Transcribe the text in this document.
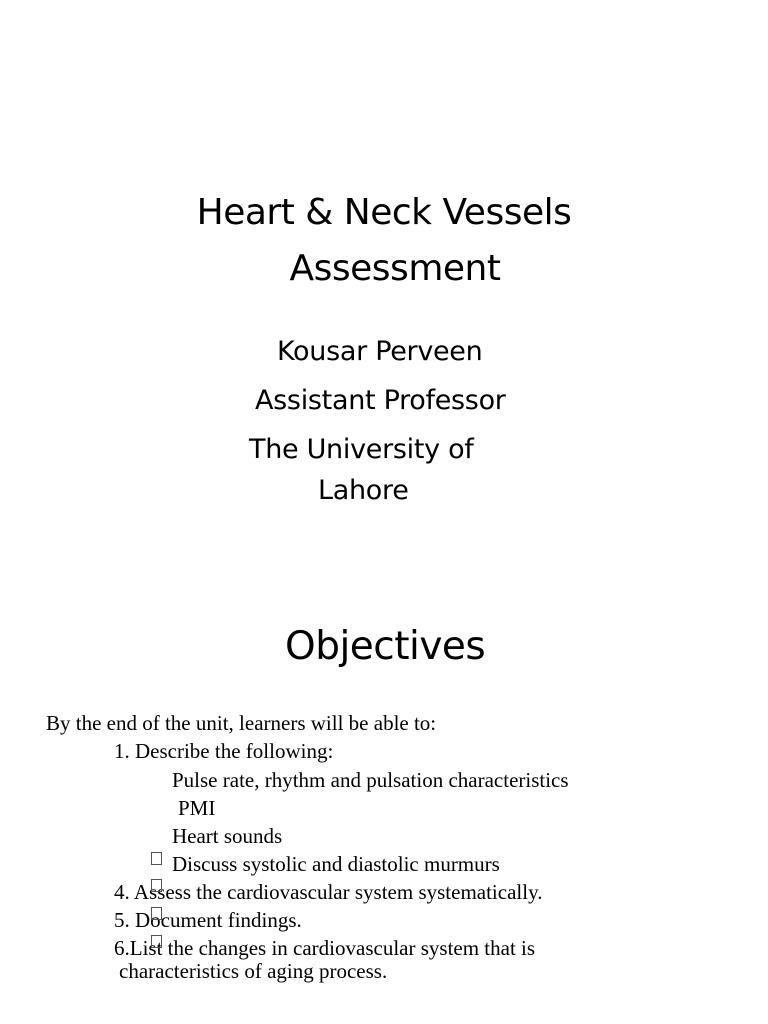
Heart & Neck Vessels
Assessment
Kousar Perveen
Assistant Professor
The University of
Lahore
Objectives
By the end of the unit, learners will be able to:
1. Describe the following:
Pulse rate, rhythm and pulsation characteristics
PMI
Heart sounds
Discuss systolic and diastolic murmurs
4. Assess the cardiovascular system systematically.
5. Document findings.
6.List the changes in cardiovascular system that is
characteristics of aging process.
